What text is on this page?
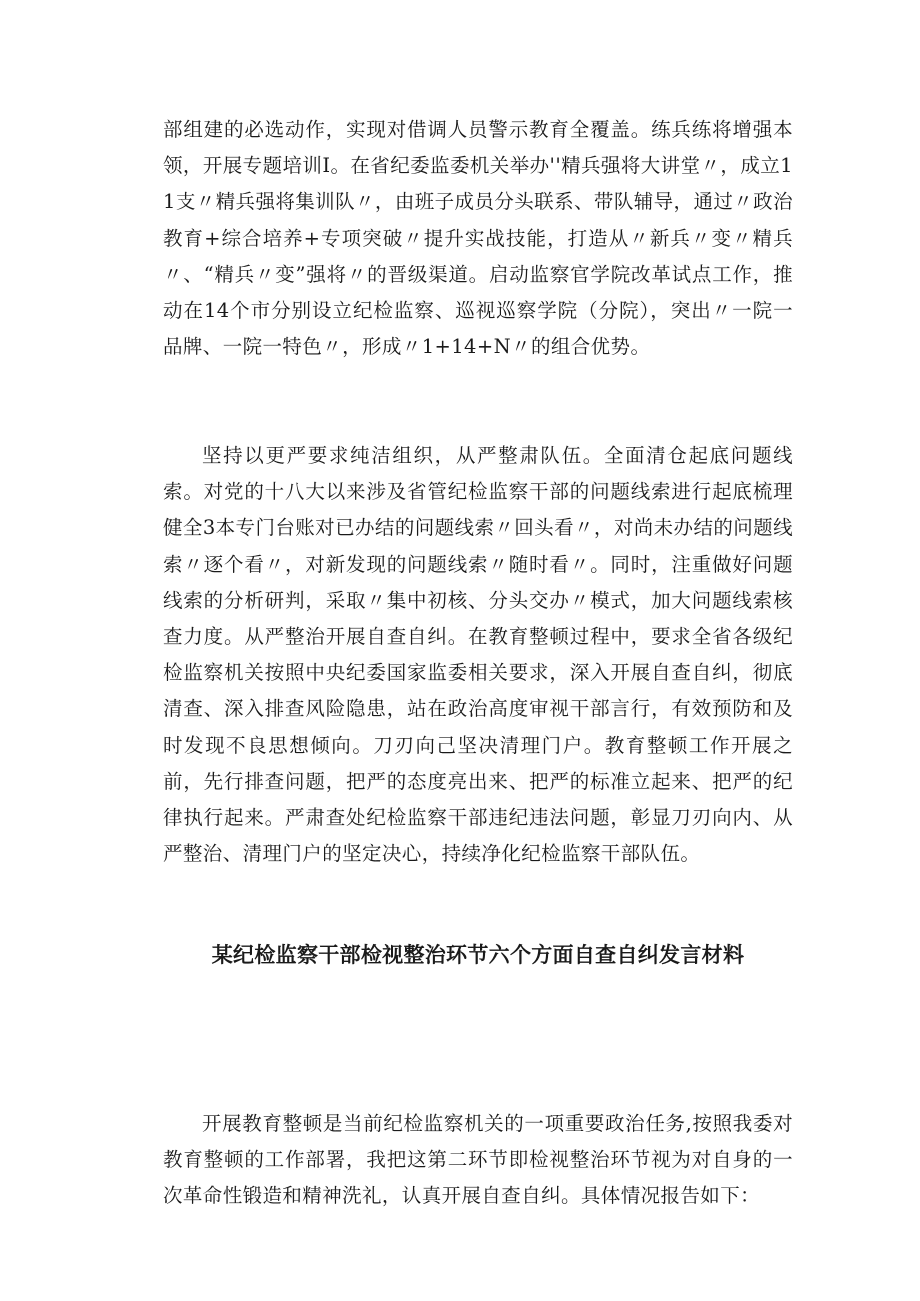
部组建的必选动作，实现对借调人员警示教育全覆盖。练兵练将增强本领，开展专题培训I。在省纪委监委机关举办''精兵强将大讲堂〃，成立11支〃精兵强将集训队〃，由班子成员分头联系、带队辅导，通过〃政治教育+综合培养+专项突破〃提升实战技能，打造从〃新兵〃变〃精兵〃、“精兵〃变”强将〃的晋级渠道。启动监察官学院改革试点工作，推动在14个市分别设立纪检监察、巡视巡察学院（分院），突出〃一院一品牌、一院一特色〃，形成〃1+14+N〃的组合优势。

坚持以更严要求纯洁组织，从严整肃队伍。全面清仓起底问题线索。对党的十八大以来涉及省管纪检监察干部的问题线索进行起底梳理健全3本专门台账对已办结的问题线索〃回头看〃，对尚未办结的问题线索〃逐个看〃，对新发现的问题线索〃随时看〃。同时，注重做好问题线索的分析研判，采取〃集中初核、分头交办〃模式，加大问题线索核查力度。从严整治开展自查自纠。在教育整顿过程中，要求全省各级纪检监察机关按照中央纪委国家监委相关要求，深入开展自查自纠，彻底清查、深入排查风险隐患，站在政治高度审视干部言行，有效预防和及时发现不良思想倾向。刀刃向己坚决清理门户。教育整顿工作开展之前，先行排查问题，把严的态度亮出来、把严的标准立起来、把严的纪律执行起来。严肃查处纪检监察干部违纪违法问题，彰显刀刃向内、从严整治、清理门户的坚定决心，持续净化纪检监察干部队伍。

某纪检监察干部检视整治环节六个方面自查自纠发言材料

开展教育整顿是当前纪检监察机关的一项重要政治任务,按照我委对教育整顿的工作部署，我把这第二环节即检视整治环节视为对自身的一次革命性锻造和精神洗礼，认真开展自查自纠。具体情况报告如下：
